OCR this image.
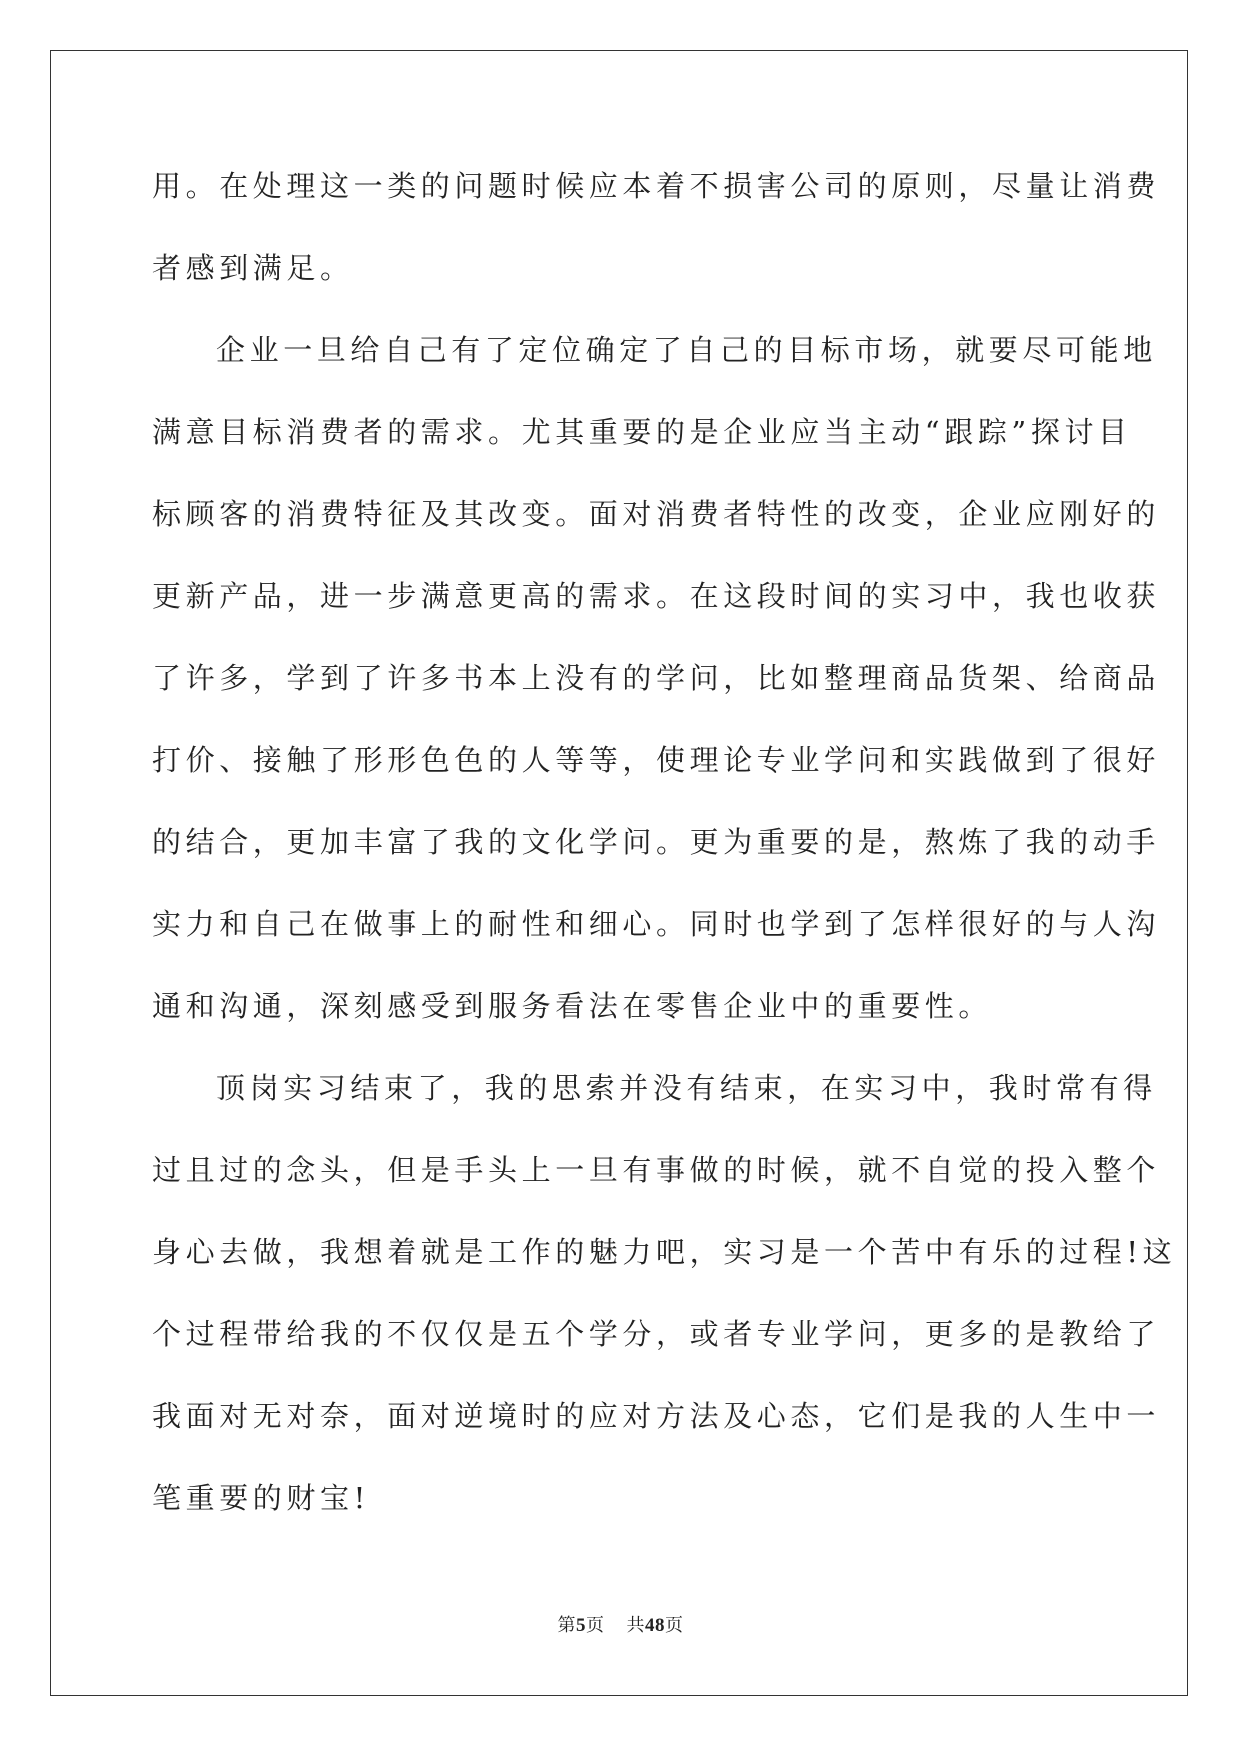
用。在处理这一类的问题时候应本着不损害公司的原则，尽量让消费
者感到满足。
企业一旦给自己有了定位确定了自己的目标市场，就要尽可能地
满意目标消费者的需求。尤其重要的是企业应当主动“跟踪”探讨目
标顾客的消费特征及其改变。面对消费者特性的改变，企业应刚好的
更新产品，进一步满意更高的需求。在这段时间的实习中，我也收获
了许多，学到了许多书本上没有的学问，比如整理商品货架、给商品
打价、接触了形形色色的人等等，使理论专业学问和实践做到了很好
的结合，更加丰富了我的文化学问。更为重要的是，熬炼了我的动手
实力和自己在做事上的耐性和细心。同时也学到了怎样很好的与人沟
通和沟通，深刻感受到服务看法在零售企业中的重要性。
顶岗实习结束了，我的思索并没有结束，在实习中，我时常有得
过且过的念头，但是手头上一旦有事做的时候，就不自觉的投入整个
身心去做，我想着就是工作的魅力吧，实习是一个苦中有乐的过程!这
个过程带给我的不仅仅是五个学分，或者专业学问，更多的是教给了
我面对无对奈，面对逆境时的应对方法及心态，它们是我的人生中一
笔重要的财宝!
第5页 共48页
